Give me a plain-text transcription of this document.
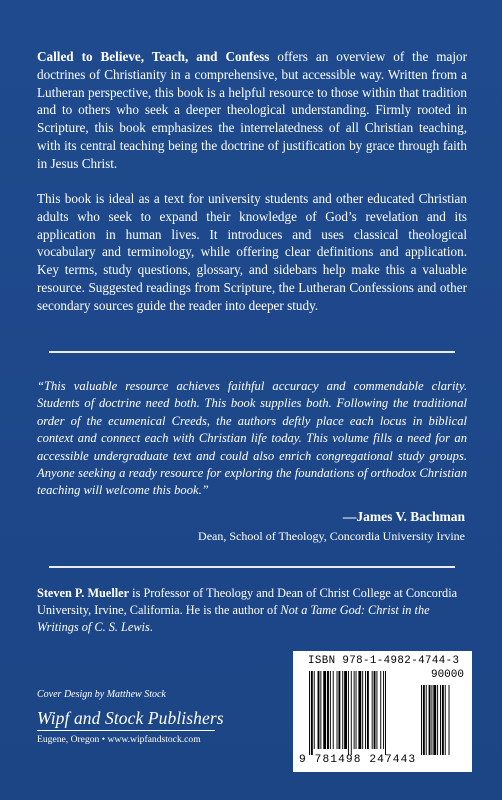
Called to Believe, Teach, and Confess offers an overview of the major doctrines of Christianity in a comprehensive, but accessible way. Written from a Lutheran perspective, this book is a helpful resource to those within that tradition and to others who seek a deeper theological understanding. Firmly rooted in Scripture, this book emphasizes the interrelatedness of all Christian teaching, with its central teaching being the doctrine of justification by grace through faith in Jesus Christ.

This book is ideal as a text for university students and other educated Christian adults who seek to expand their knowledge of God’s revelation and its application in human lives. It introduces and uses classical theological vocabulary and terminology, while offering clear definitions and application. Key terms, study questions, glossary, and sidebars help make this a valuable resource. Suggested readings from Scripture, the Lutheran Confessions and other secondary sources guide the reader into deeper study.

“This valuable resource achieves faithful accuracy and commendable clarity. Students of doctrine need both. This book supplies both. Following the traditional order of the ecumenical Creeds, the authors deftly place each locus in biblical context and connect each with Christian life today. This volume fills a need for an accessible undergraduate text and could also enrich congregational study groups. Anyone seeking a ready resource for exploring the foundations of orthodox Christian teaching will welcome this book.”

—James V. Bachman

Dean, School of Theology, Concordia University Irvine

Steven P. Mueller is Professor of Theology and Dean of Christ College at Concordia University, Irvine, California. He is the author of Not a Tame God: Christ in the Writings of C. S. Lewis.

Cover Design by Matthew Stock

Wipf and Stock Publishers

Eugene, Oregon • www.wipfandstock.com

ISBN 978-1-4982-4744-3

90000

9 781498 247443
